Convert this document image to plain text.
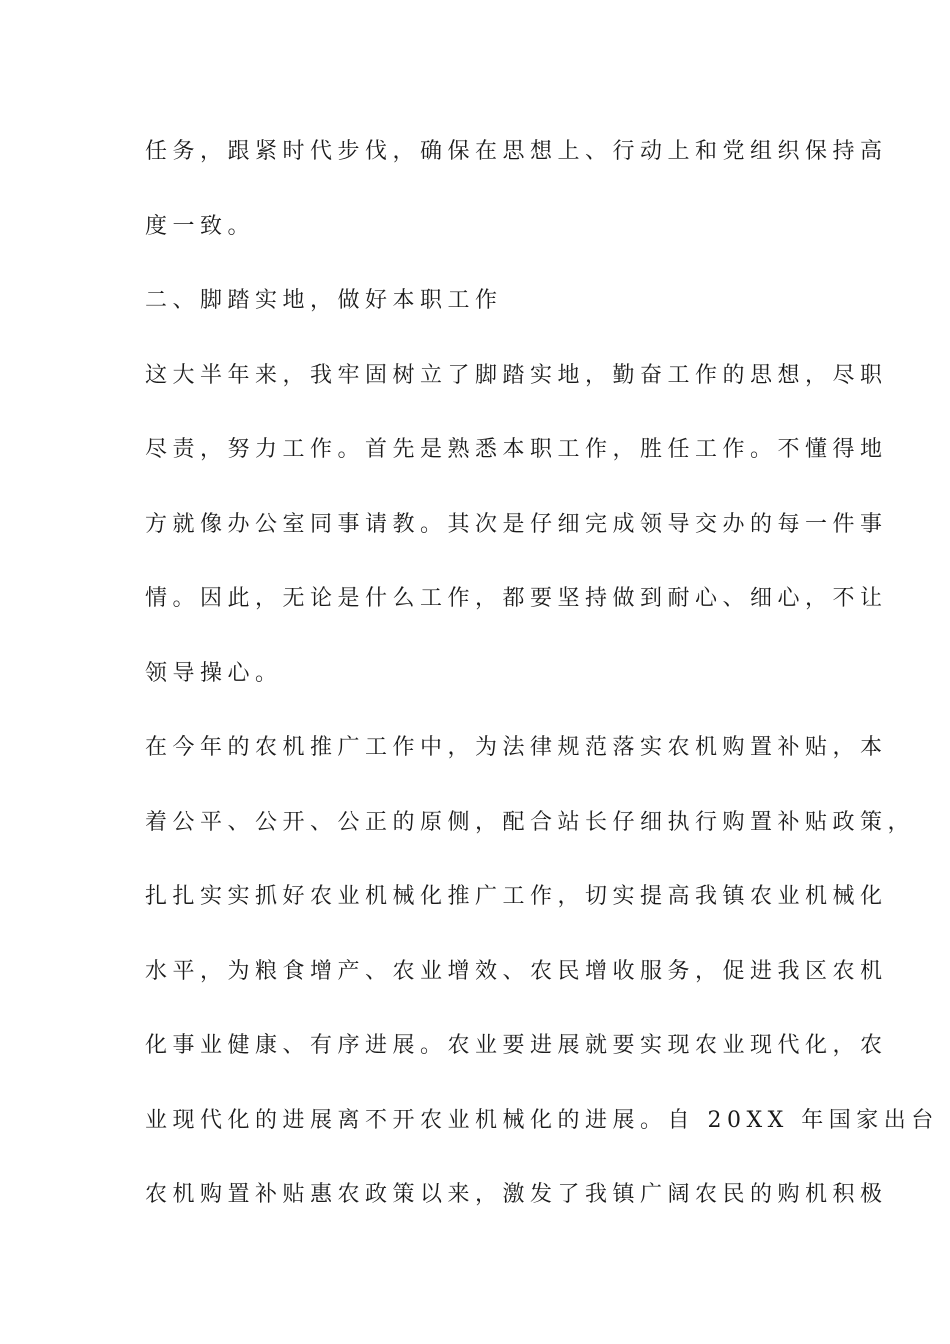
任务，跟紧时代步伐，确保在思想上、行动上和党组织保持高
度一致。
二、脚踏实地，做好本职工作
这大半年来，我牢固树立了脚踏实地，勤奋工作的思想，尽职
尽责，努力工作。首先是熟悉本职工作，胜任工作。不懂得地
方就像办公室同事请教。其次是仔细完成领导交办的每一件事
情。因此，无论是什么工作，都要坚持做到耐心、细心，不让
领导操心。
在今年的农机推广工作中，为法律规范落实农机购置补贴，本
着公平、公开、公正的原侧，配合站长仔细执行购置补贴政策，
扎扎实实抓好农业机械化推广工作，切实提高我镇农业机械化
水平，为粮食增产、农业增效、农民增收服务，促进我区农机
化事业健康、有序进展。农业要进展就要实现农业现代化，农
业现代化的进展离不开农业机械化的进展。自 20XX 年国家出台
农机购置补贴惠农政策以来，激发了我镇广阔农民的购机积极
